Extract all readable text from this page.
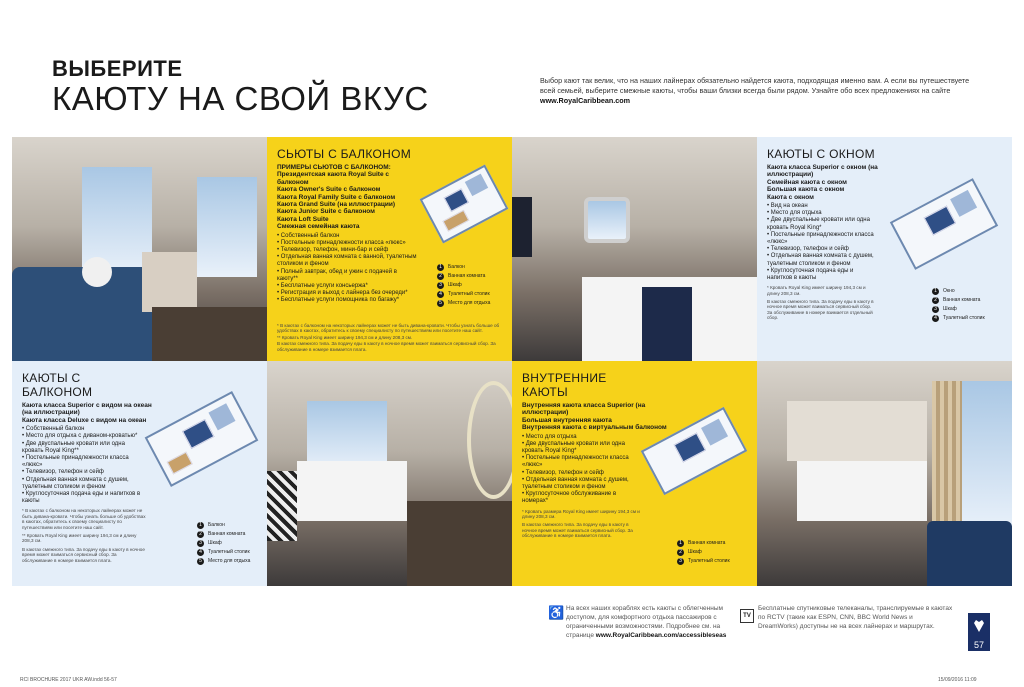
ВЫБЕРИТЕ
КАЮТУ НА СВОЙ ВКУС	Выбор кают так велик, что на наших лайнерах обязательно найдется каюта, подходящая именно вам. А если вы путешествуете всей семьей, выберите смежные каюты, чтобы ваши близки всегда были рядом. Узнайте обо всех предложениях на сайте
www.RoyalCaribbean.com
СЬЮТЫ С БАЛКОНОМ
ПРИМЕРЫ СЬЮТОВ С БАЛКОНОМ:
Президентская каюта Royal Suite с балконом
Каюта Owner's Suite с балконом
Каюта Royal Family Suite с балконом
Каюта Grand Suite (на иллюстрации)
Каюта Junior Suite с балконом
Каюта Loft Suite
Смежная семейная каюта
• Собственный балкон
• Постельные принадлежности класса «люкс»
• Телевизор, телефон, мини-бар и сейф
• Отдельная ванная комната с ванной, туалетным столиком и феном
• Полный завтрак, обед и ужин с подачей в каюту**
• Бесплатные услуги консьержа*
• Регистрация и выход с лайнера без очереди*
• Бесплатные услуги помощника по багажу*
* В каютах с балконом на некоторых лайнерах может не быть дивана-кровати. Чтобы узнать больше об удобствах в каютах, обратитесь к своему специалисту по путешествиям или посетите наш сайт.
** Кровать Royal King имеет ширину 194,3 см и длину 208,3 см.
В каютах смежного типа. За подачу еды в каюту в ночное время может взиматься сервисный сбор. За обслуживание в номере взимается плата.
1 Балкон
2 Ванная комната
3 Шкаф
4 Туалетный столик
5 Место для отдыха
КАЮТЫ С ОКНОМ
Каюта класса Superior с окном (на иллюстрации)
Семейная каюта с окном
Большая каюта с окном
Каюта с окном
• Вид на океан
• Место для отдыха
• Две двуспальные кровати или одна кровать Royal King*
• Постельные принадлежности класса «люкс»
• Телевизор, телефон и сейф
• Отдельная ванная комната с душем, туалетным столиком и феном
• Круглосуточная подача еды и напитков в каюты
* Кровать Royal King имеет ширину 194,3 см и длину 208,3 см.
В каютах смежного типа. За подачу еды в каюту в ночное время может взиматься сервисный сбор. За обслуживание в номере взимается отдельный сбор.
1 Окно
2 Ванная комната
3 Шкаф
4 Туалетный столик
КАЮТЫ С БАЛКОНОМ
Каюта класса Superior с видом на океан (на иллюстрации)
Каюта класса Deluxe с видом на океан
• Собственный балкон
• Место для отдыха с диваном-кроватью*
• Две двуспальные кровати или одна кровать Royal King**
• Постельные принадлежности класса «люкс»
• Телевизор, телефон и сейф
• Отдельная ванная комната с душем, туалетным столиком и феном
• Круглосуточная подача еды и напитков в каюты
* В каютах с балконом на некоторых лайнерах может не быть дивана-кровати. Чтобы узнать больше об удобствах в каютах, обратитесь к своему специалисту по путешествиям или посетите наш сайт.
** Кровать Royal King имеет ширину 194,3 см и длину 208,3 см.
В каютах смежного типа. За подачу еды в каюту в ночное время может взиматься сервисный сбор. За обслуживание в номере взимается плата.
1 Балкон
2 Ванная комната
3 Шкаф
4 Туалетный столик
5 Место для отдыха
ВНУТРЕННИЕ КАЮТЫ
Внутренняя каюта класса Superior (на иллюстрации)
Большая внутренняя каюта
Внутренняя каюта с виртуальным балконом
• Место для отдыха
• Две двуспальные кровати или одна кровать Royal King*
• Постельные принадлежности класса «люкс»
• Телевизор, телефон и сейф
• Отдельная ванная комната с душем, туалетным столиком и феном
• Круглосуточное обслуживание в номерах*
* Кровать размера Royal King имеет ширину 194,3 см и длину 208,3 см.
В каютах смежного типа. За подачу еды в каюту в ночное время может взиматься сервисный сбор. За обслуживание в номере взимается плата.
1 Ванная комната
2 Шкаф
3 Туалетный столик
♿ На всех наших кораблях есть каюты с облегченным доступом, для комфортного отдыха пассажиров с ограниченными возможностями. Подробнее см. на странице www.RoyalCaribbean.com/accessibleseas
TV
Бесплатные спутниковые телеканалы, транслируемые в каютах по RCTV (такие как ESPN, CNN, BBC World News и DreamWorks) доступны не на всех лайнерах и маршрутах.
57
RCI BROCHURE 2017 UKR AW.indd 56-57	15/09/2016 11:09
